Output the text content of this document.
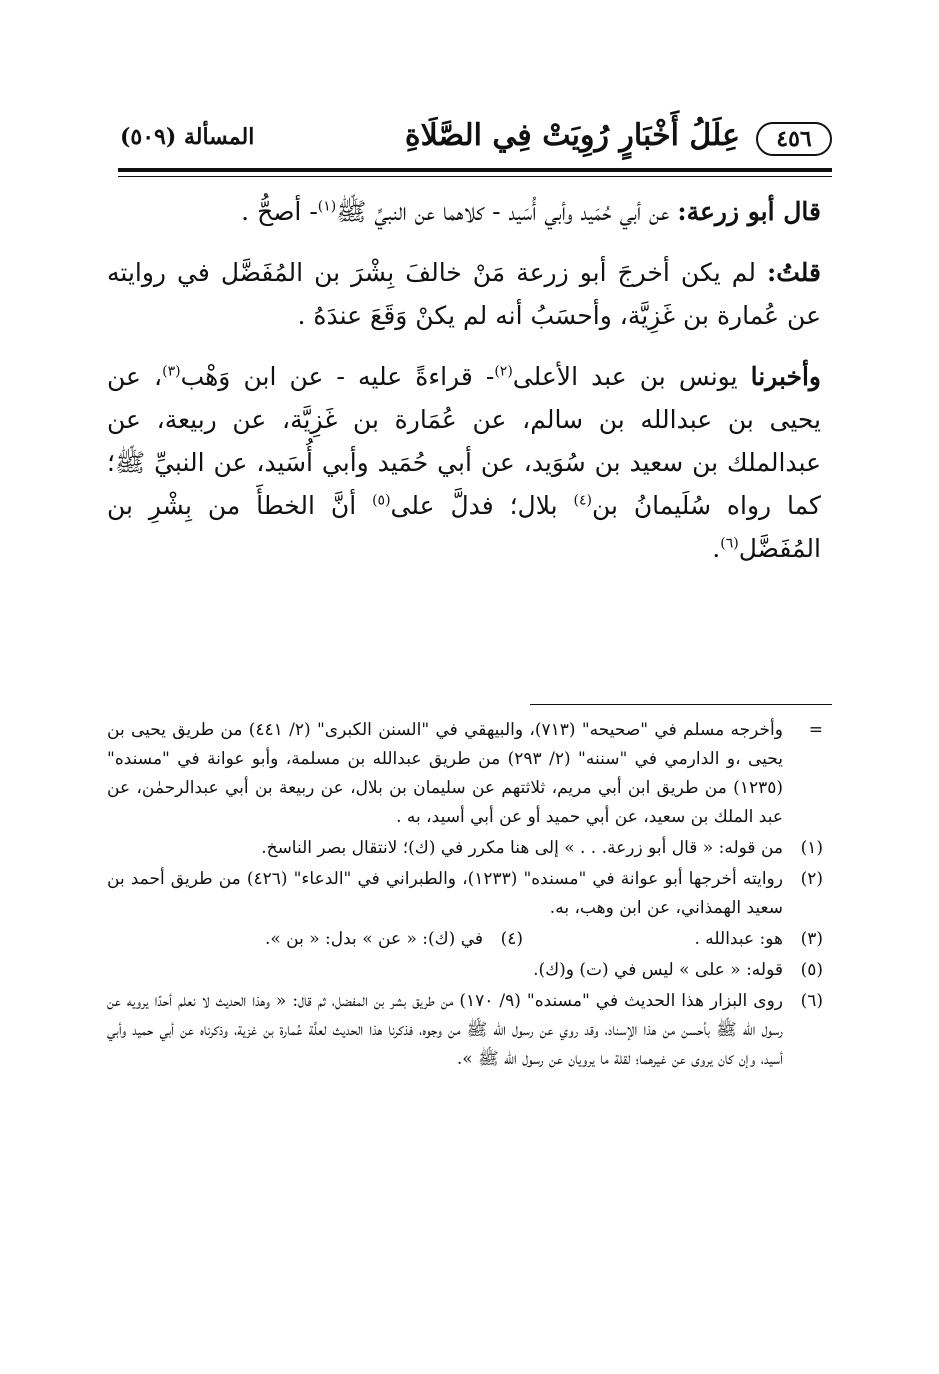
٤٥٦
عِلَلُ أَخْبَارٍ رُوِيَتْ فِي الصَّلَاةِ
المسألة (٥٠٩)

قال أبو زرعة: عن أبي حُمَيد وأبي أُسَيد - كلاهما عن النبيِّ ﷺ$^{(١)}$- أصحُّ .

قلتُ: لم يكن أخرجَ أبو زرعة مَنْ خالفَ بِشْرَ بن المُفَضَّل في روايته عن عُمارة بن غَزِيَّة، وأحسَبُ أنه لم يكنْ وَقَعَ عندَهُ .

وأخبرنا يونس بن عبد الأعلى$^{(٢)}$- قراءةً عليه - عن ابن وَهْب$^{(٣)}$، عن يحيى بن عبدالله بن سالم، عن عُمَارة بن غَزِيَّة، عن ربيعة، عن عبدالملك بن سعيد بن سُوَيد، عن أبي حُمَيد وأبي أُسَيد، عن النبيِّ ﷺ؛ كما رواه سُلَيمانُ بن$^{(٤)}$ بلال؛ فدلَّ على$^{(٥)}$ أنَّ الخطأَ من بِشْرِ بن المُفَضَّل$^{(٦)}$.

=
وأخرجه مسلم في "صحيحه" (٧١٣)، والبيهقي في "السنن الكبرى" (٢/ ٤٤١) من طريق يحيى بن يحيى ،و الدارمي في "سننه" (٢/ ٢٩٣) من طريق عبدالله بن مسلمة، وأبو عوانة في "مسنده" (١٢٣٥) من طريق ابن أبي مريم، ثلاثتهم عن سليمان بن بلال، عن ربيعة بن أبي عبدالرحمٰن، عن عبد الملك بن سعيد، عن أبي حميد أو عن أبي أسيد، به .
(١)
من قوله: « قال أبو زرعة. . . » إلى هنا مكرر في (ك)؛ لانتقال بصر الناسخ.
(٢)
روايته أخرجها أبو عوانة في "مسنده" (١٢٣٣)، والطبراني في "الدعاء" (٤٢٦) من طريق أحمد بن سعيد الهمذاني، عن ابن وهب، به.
(٣)
هو: عبدالله .
(٤)
في (ك): « عن » بدل: « بن ».
(٥)
قوله: « على » ليس في (ت) و(ك).
(٦)
روى البزار هذا الحديث في "مسنده" (٩/ ١٧٠) من طريق بشر بن المفضل، ثم قال: « وهذا الحديث لا نعلم أحدًا يرويه عن رسول الله ﷺ بأحسن من هذا الإسناد، وقد روي عن رسول الله ﷺ من وجوه، فذكرنا هذا الحديث لعلَّة عُمارة بن غزية، وذكرناه عن أبي حميد وأبي أسيد، وإن كان يروى عن غيرهما؛ لقلة ما يرويان عن رسول الله ﷺ ».
